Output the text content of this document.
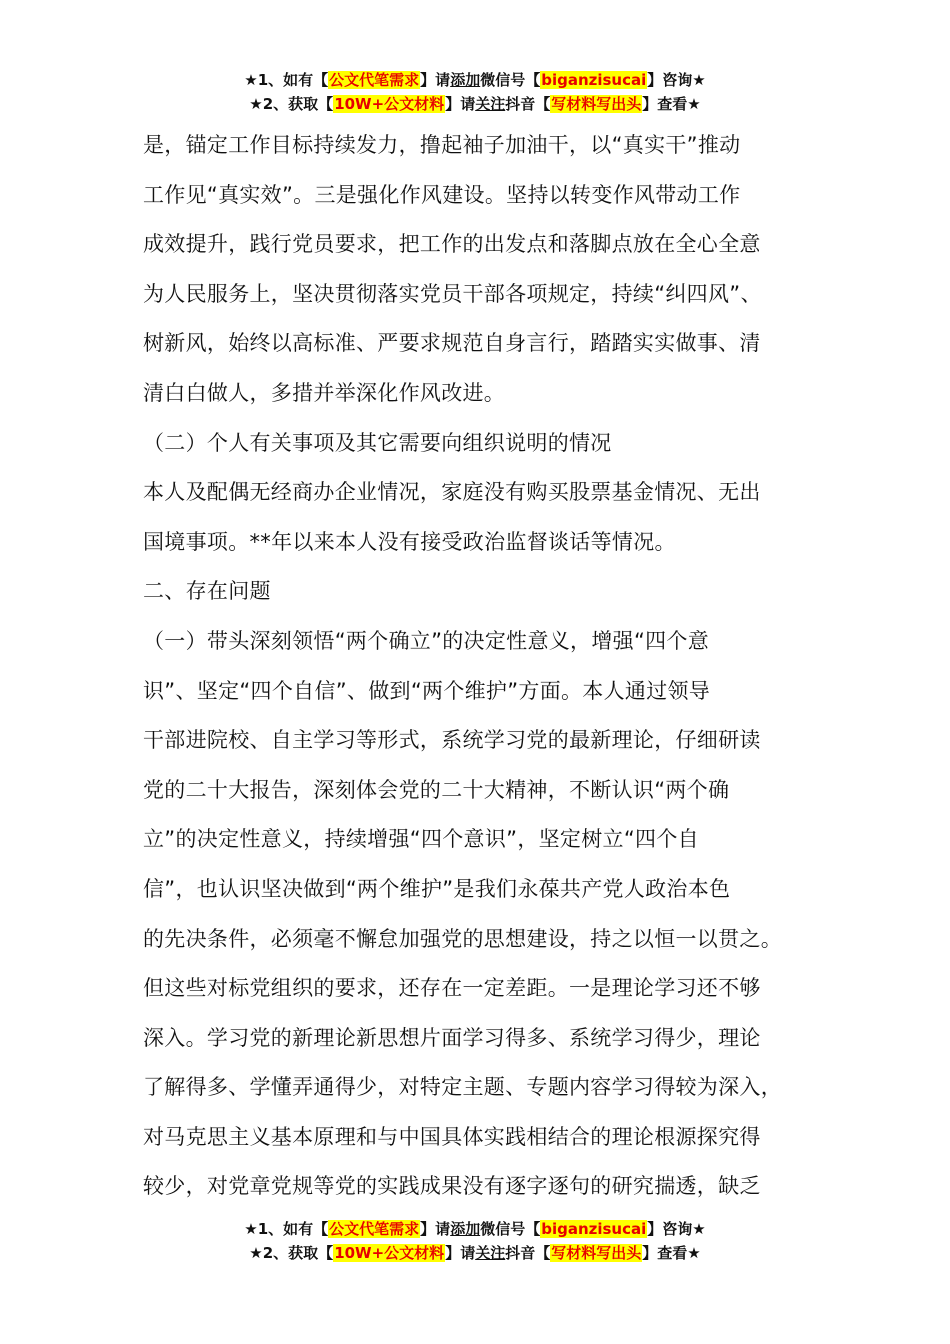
★1、如有【公文代笔需求】请添加微信号【biganzisucai】咨询★
★2、获取【10W+公文材料】请关注抖音【写材料写出头】查看★

是，锚定工作目标持续发力，撸起袖子加油干，以“真实干”推动

工作见“真实效”。三是强化作风建设。坚持以转变作风带动工作

成效提升，践行党员要求，把工作的出发点和落脚点放在全心全意

为人民服务上，坚决贯彻落实党员干部各项规定，持续“纠四风”、

树新风，始终以高标准、严要求规范自身言行，踏踏实实做事、清

清白白做人，多措并举深化作风改进。

（二）个人有关事项及其它需要向组织说明的情况

本人及配偶无经商办企业情况，家庭没有购买股票基金情况、无出

国境事项。**年以来本人没有接受政治监督谈话等情况。

二、存在问题

（一）带头深刻领悟“两个确立”的决定性意义，增强“四个意

识”、坚定“四个自信”、做到“两个维护”方面。本人通过领导

干部进院校、自主学习等形式，系统学习党的最新理论，仔细研读

党的二十大报告，深刻体会党的二十大精神，不断认识“两个确

立”的决定性意义，持续增强“四个意识”，坚定树立“四个自

信”，也认识坚决做到“两个维护”是我们永葆共产党人政治本色

的先决条件，必须毫不懈怠加强党的思想建设，持之以恒一以贯之。

但这些对标党组织的要求，还存在一定差距。一是理论学习还不够

深入。学习党的新理论新思想片面学习得多、系统学习得少，理论

了解得多、学懂弄通得少，对特定主题、专题内容学习得较为深入，

对马克思主义基本原理和与中国具体实践相结合的理论根源探究得

较少，对党章党规等党的实践成果没有逐字逐句的研究揣透，缺乏

★1、如有【公文代笔需求】请添加微信号【biganzisucai】咨询★
★2、获取【10W+公文材料】请关注抖音【写材料写出头】查看★
